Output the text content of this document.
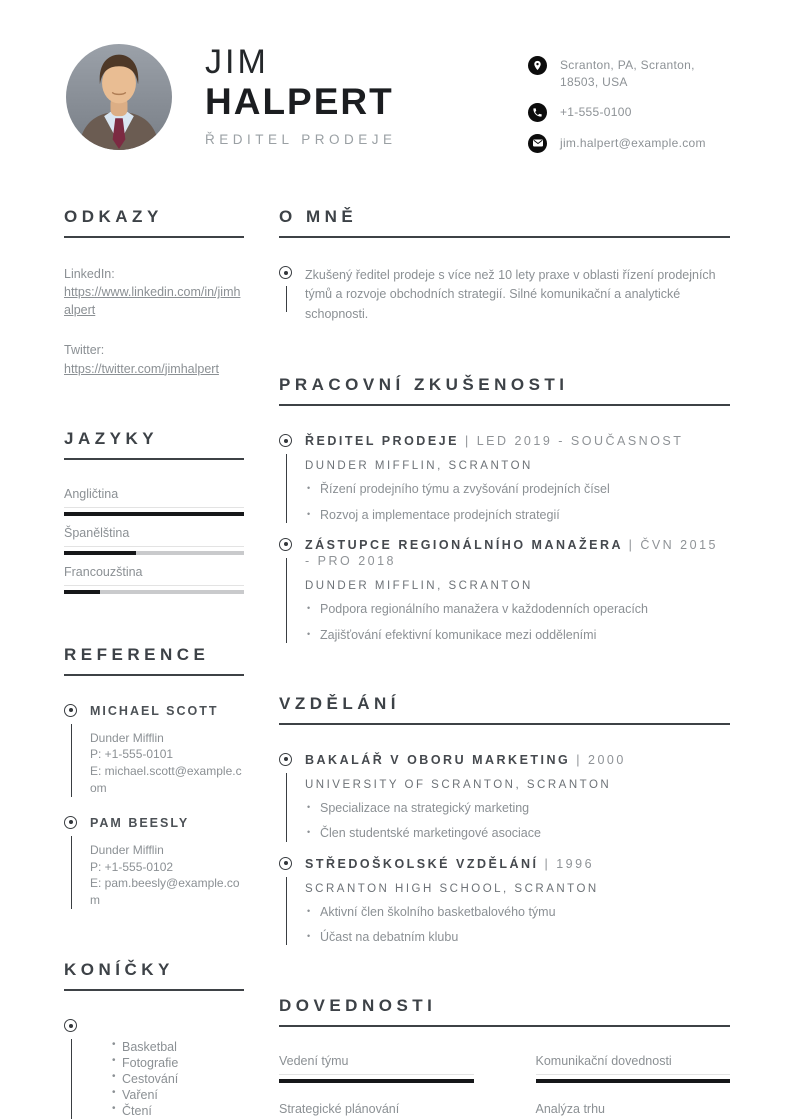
JIM
HALPERT
ŘEDITEL PRODEJE
Scranton, PA, Scranton, 18503, USA
+1-555-0100
jim.halpert@example.com
ODKAZY
LinkedIn:
https://www.linkedin.com/in/jimhalpert
Twitter:
https://twitter.com/jimhalpert
JAZYKY
Angličtina
Španělština
Francouzština
REFERENCE
MICHAEL SCOTT
Dunder Mifflin
P: +1-555-0101
E: michael.scott@example.com
PAM BEESLY
Dunder Mifflin
P: +1-555-0102
E: pam.beesly@example.com
KONÍČKY
• Basketbal
• Fotografie
• Cestování
• Vaření
• Čtení
O MNĚ
Zkušený ředitel prodeje s více než 10 lety praxe v oblasti řízení prodejních týmů a rozvoje obchodních strategií. Silné komunikační a analytické schopnosti.
PRACOVNÍ ZKUŠENOSTI
ŘEDITEL PRODEJE | LED 2019 - SOUČASNOST
DUNDER MIFFLIN, SCRANTON
• Řízení prodejního týmu a zvyšování prodejních čísel
• Rozvoj a implementace prodejních strategií
ZÁSTUPCE REGIONÁLNÍHO MANAŽERA | ČVN 2015 - PRO 2018
DUNDER MIFFLIN, SCRANTON
• Podpora regionálního manažera v každodenních operacích
• Zajišťování efektivní komunikace mezi odděleními
VZDĚLÁNÍ
BAKALÁŘ V OBORU MARKETING | 2000
UNIVERSITY OF SCRANTON, SCRANTON
• Specializace na strategický marketing
• Člen studentské marketingové asociace
STŘEDOŠKOLSKÉ VZDĚLÁNÍ | 1996
SCRANTON HIGH SCHOOL, SCRANTON
• Aktivní člen školního basketbalového týmu
• Účast na debatním klubu
DOVEDNOSTI
Vedení týmu	Komunikační dovednosti
Strategické plánování	Analýza trhu
